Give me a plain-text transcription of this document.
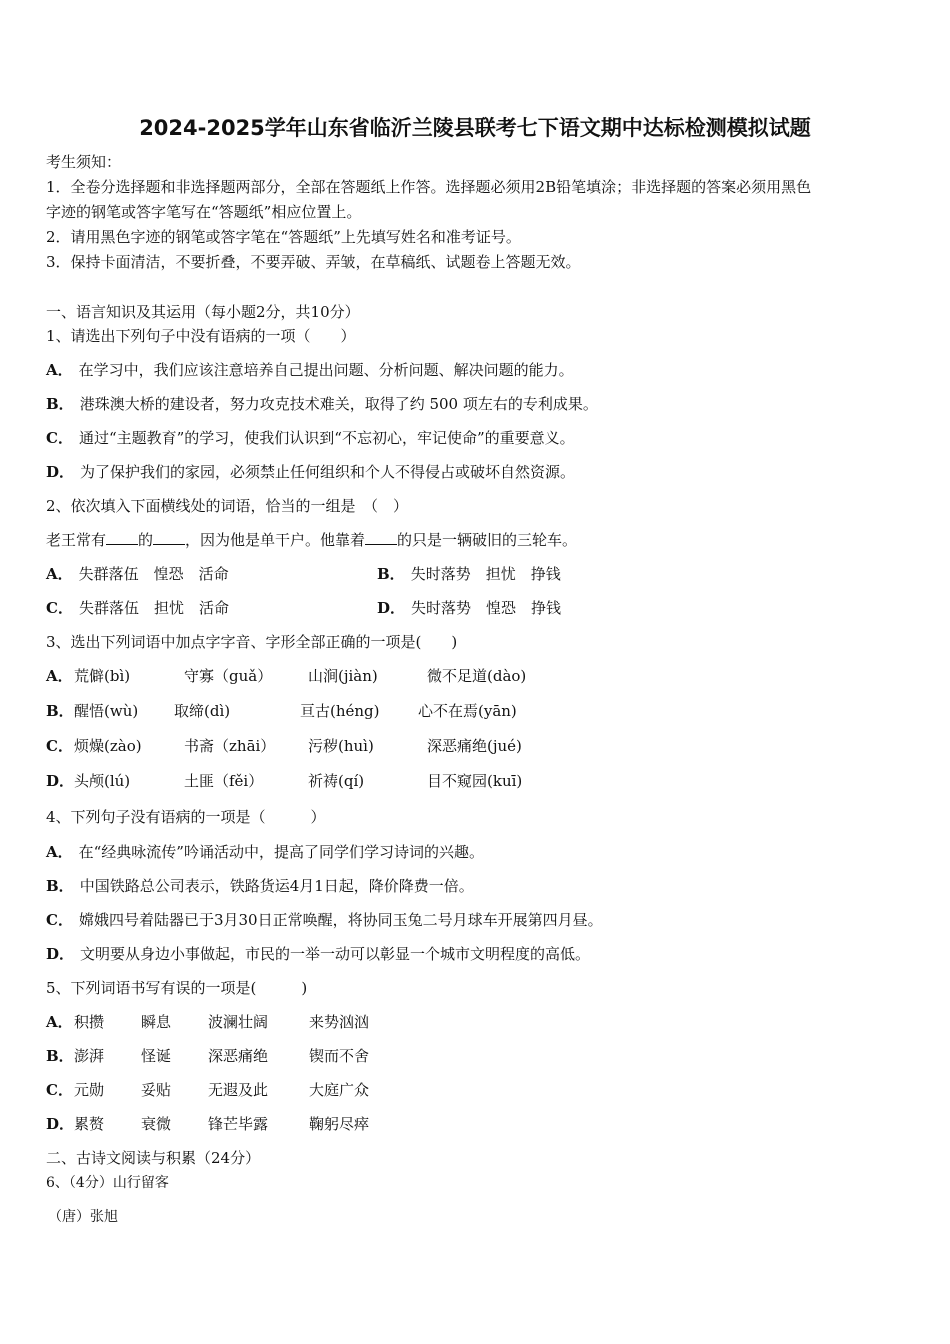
2024-2025学年山东省临沂兰陵县联考七下语文期中达标检测模拟试题
考生须知：
1．全卷分选择题和非选择题两部分，全部在答题纸上作答。选择题必须用2B铅笔填涂；非选择题的答案必须用黑色
字迹的钢笔或答字笔写在“答题纸”相应位置上。
2．请用黑色字迹的钢笔或答字笔在“答题纸”上先填写姓名和准考证号。
3．保持卡面清洁，不要折叠，不要弄破、弄皱，在草稿纸、试题卷上答题无效。
一、语言知识及其运用（每小题2分，共10分）
1、请选出下列句子中没有语病的一项（　　）
A． 在学习中，我们应该注意培养自己提出问题、分析问题、解决问题的能力。
B． 港珠澳大桥的建设者，努力攻克技术难关，取得了约 500 项左右的专利成果。
C． 通过“主题教育”的学习，使我们认识到“不忘初心，牢记使命”的重要意义。
D． 为了保护我们的家园，必须禁止任何组织和个人不得侵占或破坏自然资源。
2、依次填入下面横线处的词语，恰当的一组是　（　）
老王常有 的 ，因为他是单干户。他靠着 的只是一辆破旧的三轮车。
A． 失群落伍　惶恐　活命	B． 失时落势　担忧　挣钱
C． 失群落伍　担忧　活命	D． 失时落势　惶恐　挣钱
3、选出下列词语中加点字字音、字形全部正确的一项是(　　)
A． 荒僻(bì)	守寡（guǎ） 山涧(jiàn)	微不足道(dào)
B． 醒悟(wù) 取缔(dì)	亘古(héng)	心不在焉(yān)
C． 烦燥(zào)	书斋（zhāi） 污秽(huì)	深恶痛绝(jué)
D． 头颅(lú)	土匪（fěi）	祈祷(qí)	目不窥园(kuī)
4、下列句子没有语病的一项是（　　　）
A． 在“经典咏流传”吟诵活动中，提高了同学们学习诗词的兴趣。
B． 中国铁路总公司表示，铁路货运4月1日起，降价降费一倍。
C． 嫦娥四号着陆器已于3月30日正常唤醒，将协同玉兔二号月球车开展第四月昼。
D． 文明要从身边小事做起，市民的一举一动可以彰显一个城市文明程度的高低。
5、下列词语书写有误的一项是(　　　)
A． 积攒 瞬息 波澜壮阔	来势汹汹
B． 澎湃 怪诞 深恶痛绝	锲而不舍
C． 元勋 妥贴 无遐及此	大庭广众
D． 累赘 衰微 锋芒毕露	鞠躬尽瘁
二、古诗文阅读与积累（24分）
6、（4分）山行留客
（唐）张旭
